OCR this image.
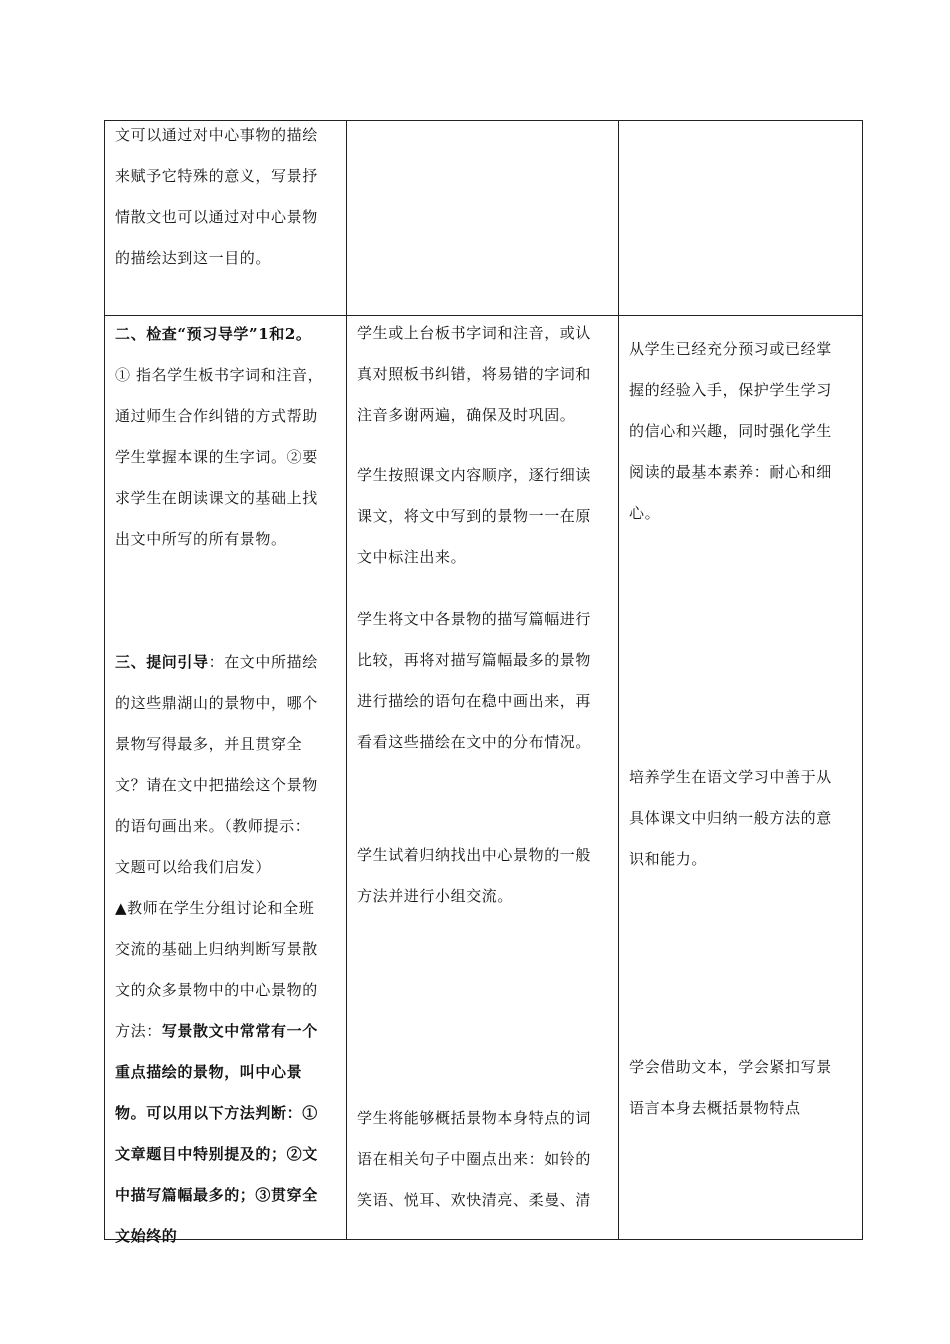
文可以通过对中心事物的描绘

来赋予它特殊的意义，写景抒

情散文也可以通过对中心景物

的描绘达到这一目的。

二、检查“预习导学”1和2。

① 指名学生板书字词和注音，

通过师生合作纠错的方式帮助

学生掌握本课的生字词。②要

求学生在朗读课文的基础上找

出文中所写的所有景物。

三、提问引导：在文中所描绘

的这些鼎湖山的景物中，哪个

景物写得最多，并且贯穿全

文？请在文中把描绘这个景物

的语句画出来。（教师提示：

文题可以给我们启发）

▲教师在学生分组讨论和全班

交流的基础上归纳判断写景散

文的众多景物中的中心景物的

方法：写景散文中常常有一个

重点描绘的景物，叫中心景

物。可以用以下方法判断：①

文章题目中特别提及的；②文

中描写篇幅最多的；③贯穿全

文始终的

学生或上台板书字词和注音，或认

真对照板书纠错，将易错的字词和

注音多谢两遍，确保及时巩固。

学生按照课文内容顺序，逐行细读

课文，将文中写到的景物一一在原

文中标注出来。

学生将文中各景物的描写篇幅进行

比较，再将对描写篇幅最多的景物

进行描绘的语句在稳中画出来，再

看看这些描绘在文中的分布情况。

学生试着归纳找出中心景物的一般

方法并进行小组交流。

学生将能够概括景物本身特点的词

语在相关句子中圈点出来：如铃的

笑语、悦耳、欢快清亮、柔曼、清

从学生已经充分预习或已经掌

握的经验入手，保护学生学习

的信心和兴趣，同时强化学生

阅读的最基本素养：耐心和细

心。

培养学生在语文学习中善于从

具体课文中归纳一般方法的意

识和能力。

学会借助文本，学会紧扣写景

语言本身去概括景物特点
